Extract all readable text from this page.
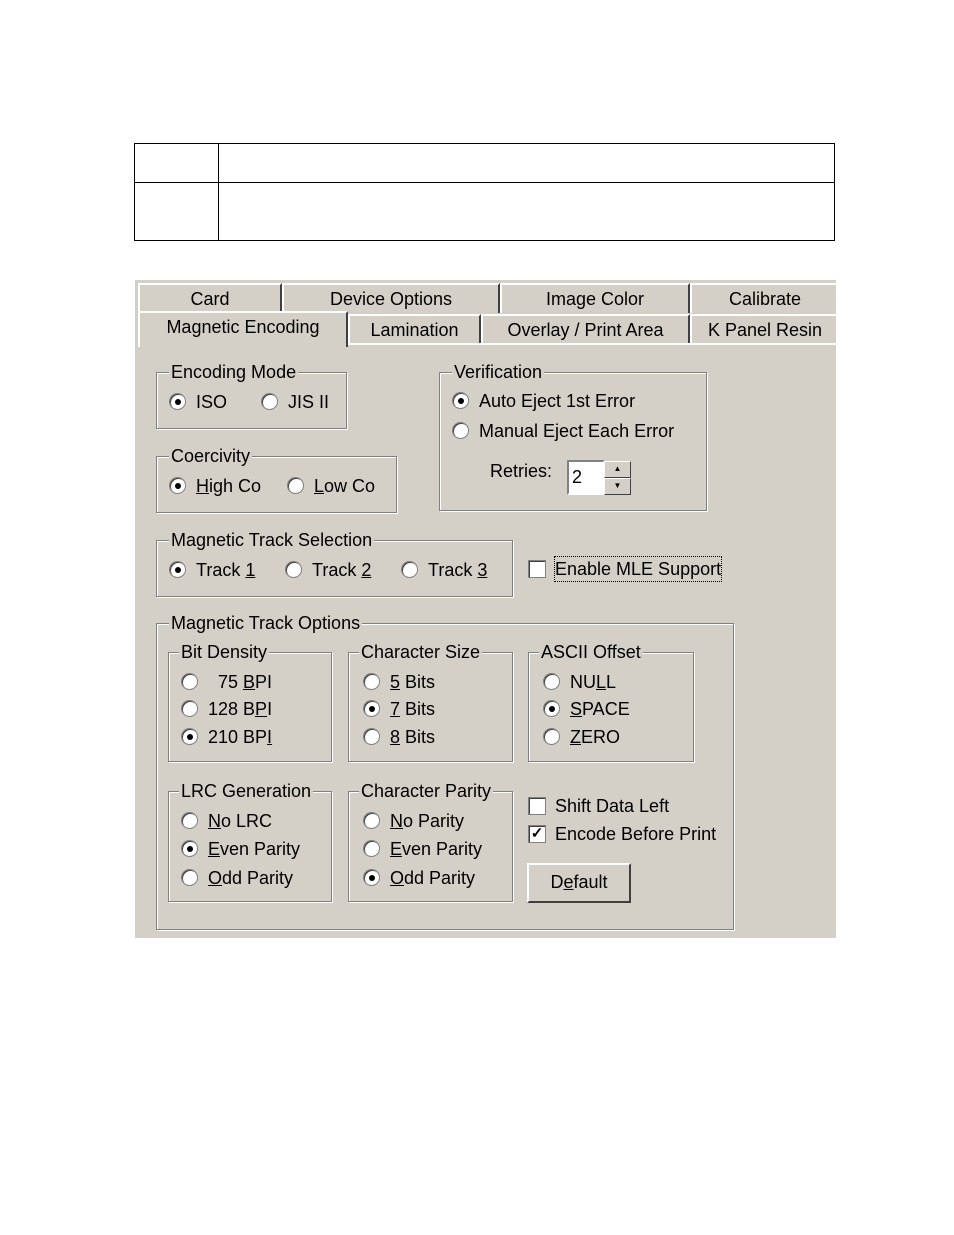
Card	Device Options	Image Color	Calibrate
Magnetic Encoding	Lamination	Overlay / Print Area	K Panel Resin
Encoding Mode
ISO	JIS II
Coercivity
High Co	Low Co
Verification
Auto Eject 1st Error
Manual Eject Each Error
Retries: 2	▲
▼
Magnetic Track Selection
Track 1	Track 2	Track 3	Enable MLE Support
Magnetic Track Options
Bit Density
75 BPI
128 BPI
210 BPI
Character Size
5 Bits
7 Bits
8 Bits
ASCII Offset
NULL
SPACE
ZERO
LRC Generation
No LRC
Even Parity
Odd Parity
Character Parity
No Parity
Even Parity
Odd Parity
Shift Data Left
✓ Encode Before Print
Default
